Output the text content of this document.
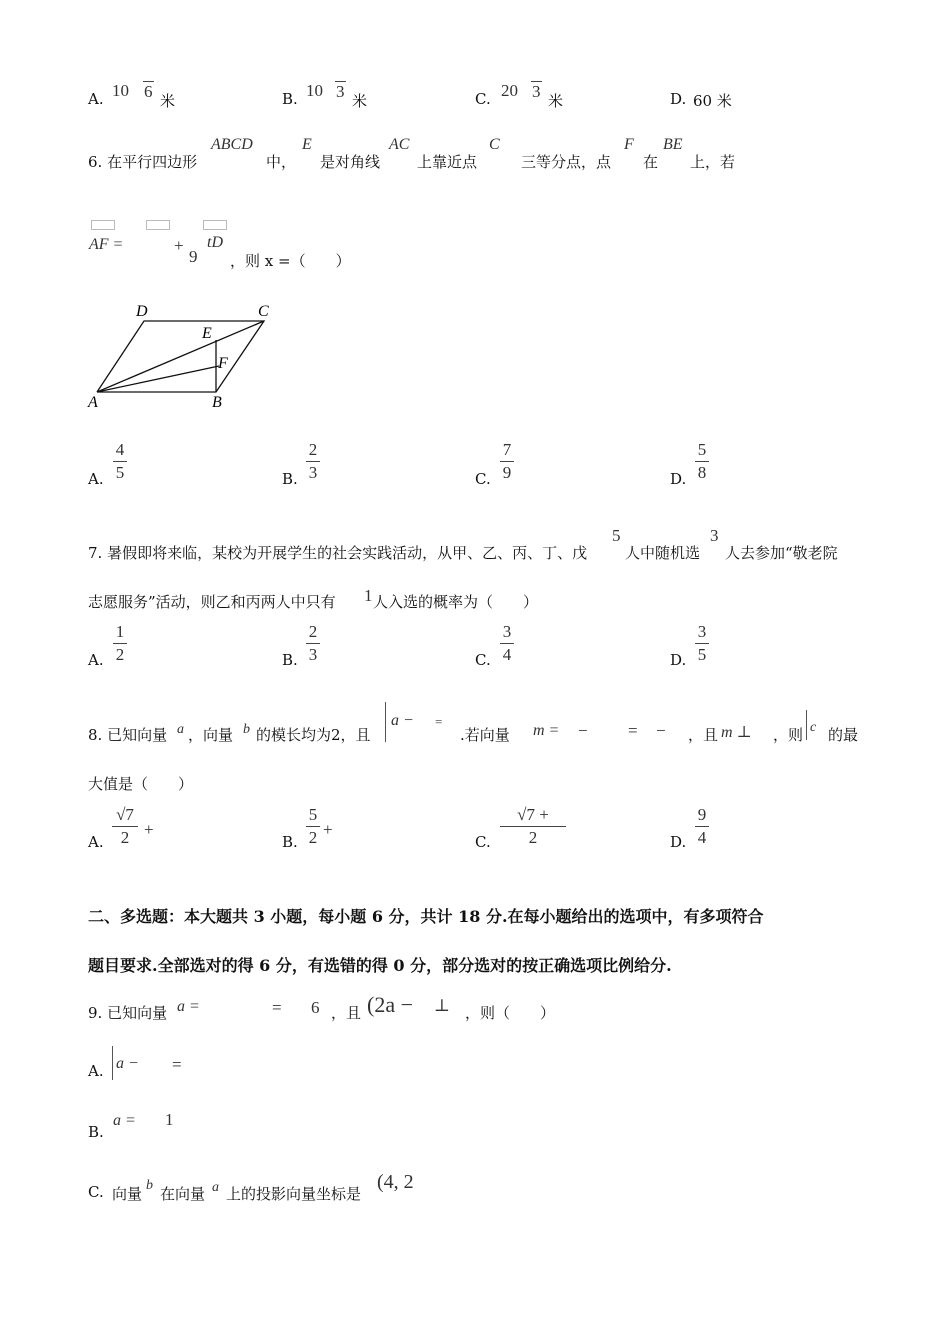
A. 10 6 米	B. 10 3 米	C. 20 3 米	D. 60 米
6. 在平行四边形
ABCD
中，
E
是对角线
AC
上靠近点
C
三等分点，点
F
在
BE
上，若
AF =	+
9
tD
，则 x =（　　）
D	C
E
F
A	B
A.
4
5	B.
2
3	C.
7
9	D.
5
8
7. 暑假即将来临，某校为开展学生的社会实践活动，从甲、乙、丙、丁、戊
5
人中随机选
3
人去参加“敬老院
志愿服务”活动，则乙和丙两人中只有 1 人入选的概率为（　　）
A.
1
2	B.
2
3	C.
3
4	D.
3
5
8. 已知向量 a ，向量 b 的模长均为2，且
a − =
.若向量 m = − = − ，且 m ⊥ ，则 c 的最
大值是（　　）
A.
√7
2 +
B.
5
2 +
C.
√7 +
2	D.
9
4
二、多选题：本大题共 3 小题，每小题 6 分，共计 18 分.在每小题给出的选项中，有多项符合
题目要求.全部选对的得 6 分，有选错的得 0 分，部分选对的按正确选项比例给分.
9. 已知向量 a =	= 6 ，且 (2a − ⊥ ，则（　　）
A. a − =
B.
a = 1
C. 向量 b 在向量 a 上的投影向量坐标是
(4, 2
